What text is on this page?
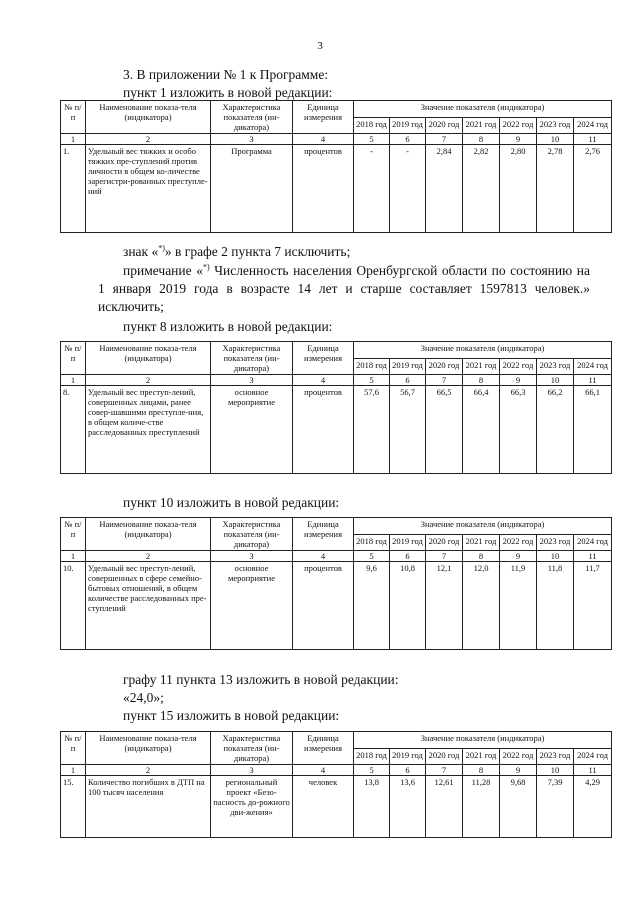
3
3. В приложении № 1 к Программе:
пункт 1 изложить в новой редакции:
№ п/п	Наименование показа-теля (индикатора)	Характеристика показателя (ин-дикатора)	Единица измерения	Значение показателя (индикатора)						
				2018 год	2019 год	2020 год	2021 год	2022 год	2023 год	2024 год
1	2	3	4	5	6	7	8	9	10	11
1.	Удельный вес тяжких и особо тяжких пре-ступлений против личности в общем ко-личестве зарегистри-рованных преступле-ний	Программа	процентов	-	-	2,84	2,82	2,80	2,78	2,76
знак «*)» в графе 2 пункта 7 исключить;

примечание «*) Численность населения Оренбургской области по состоянию на 1 января 2019 года в возрасте 14 лет и старше составляет 1597813 человек.» исключить;

пункт 8 изложить в новой редакции:
№ п/п	Наименование показа-теля (индикатора)	Характеристика показателя (ин-дикатора)	Единица измерения	Значение показателя (индикатора)						
				2018 год	2019 год	2020 год	2021 год	2022 год	2023 год	2024 год
1	2	3	4	5	6	7	8	9	10	11
8.	Удельный вес преступ-лений, совершенных лицами, ранее совер-шавшими преступле-ния, в общем количе-стве расследованных преступлений	основное мероприятие	процентов	57,6	56,7	66,5	66,4	66,3	66,2	66,1
пункт 10 изложить в новой редакции:
№ п/п	Наименование показа-теля (индикатора)	Характеристика показателя (ин-дикатора)	Единица измерения	Значение показателя (индикатора)						
				2018 год	2019 год	2020 год	2021 год	2022 год	2023 год	2024 год
1	2	3	4	5	6	7	8	9	10	11
10.	Удельный вес преступ-лений, совершенных в сфере семейно-бытовых отношений, в общем количестве расследованных пре-ступлений	основное мероприятие	процентов	9,6	10,8	12,1	12,0	11,9	11,8	11,7
графу 11 пункта 13 изложить в новой редакции:
«24,0»;
пункт 15 изложить в новой редакции:
№ п/п	Наименование показа-теля (индикатора)	Характеристика показателя (ин-дикатора)	Единица измерения	Значение показателя (индикатора)						
				2018 год	2019 год	2020 год	2021 год	2022 год	2023 год	2024 год
1	2	3	4	5	6	7	8	9	10	11
15.	Количество погибших в ДТП на 100 тысяч населения	региональный проект «Безо-пасность до-рожного дви-жения»	человек	13,8	13,6	12,61	11,28	9,68	7,39	4,29
